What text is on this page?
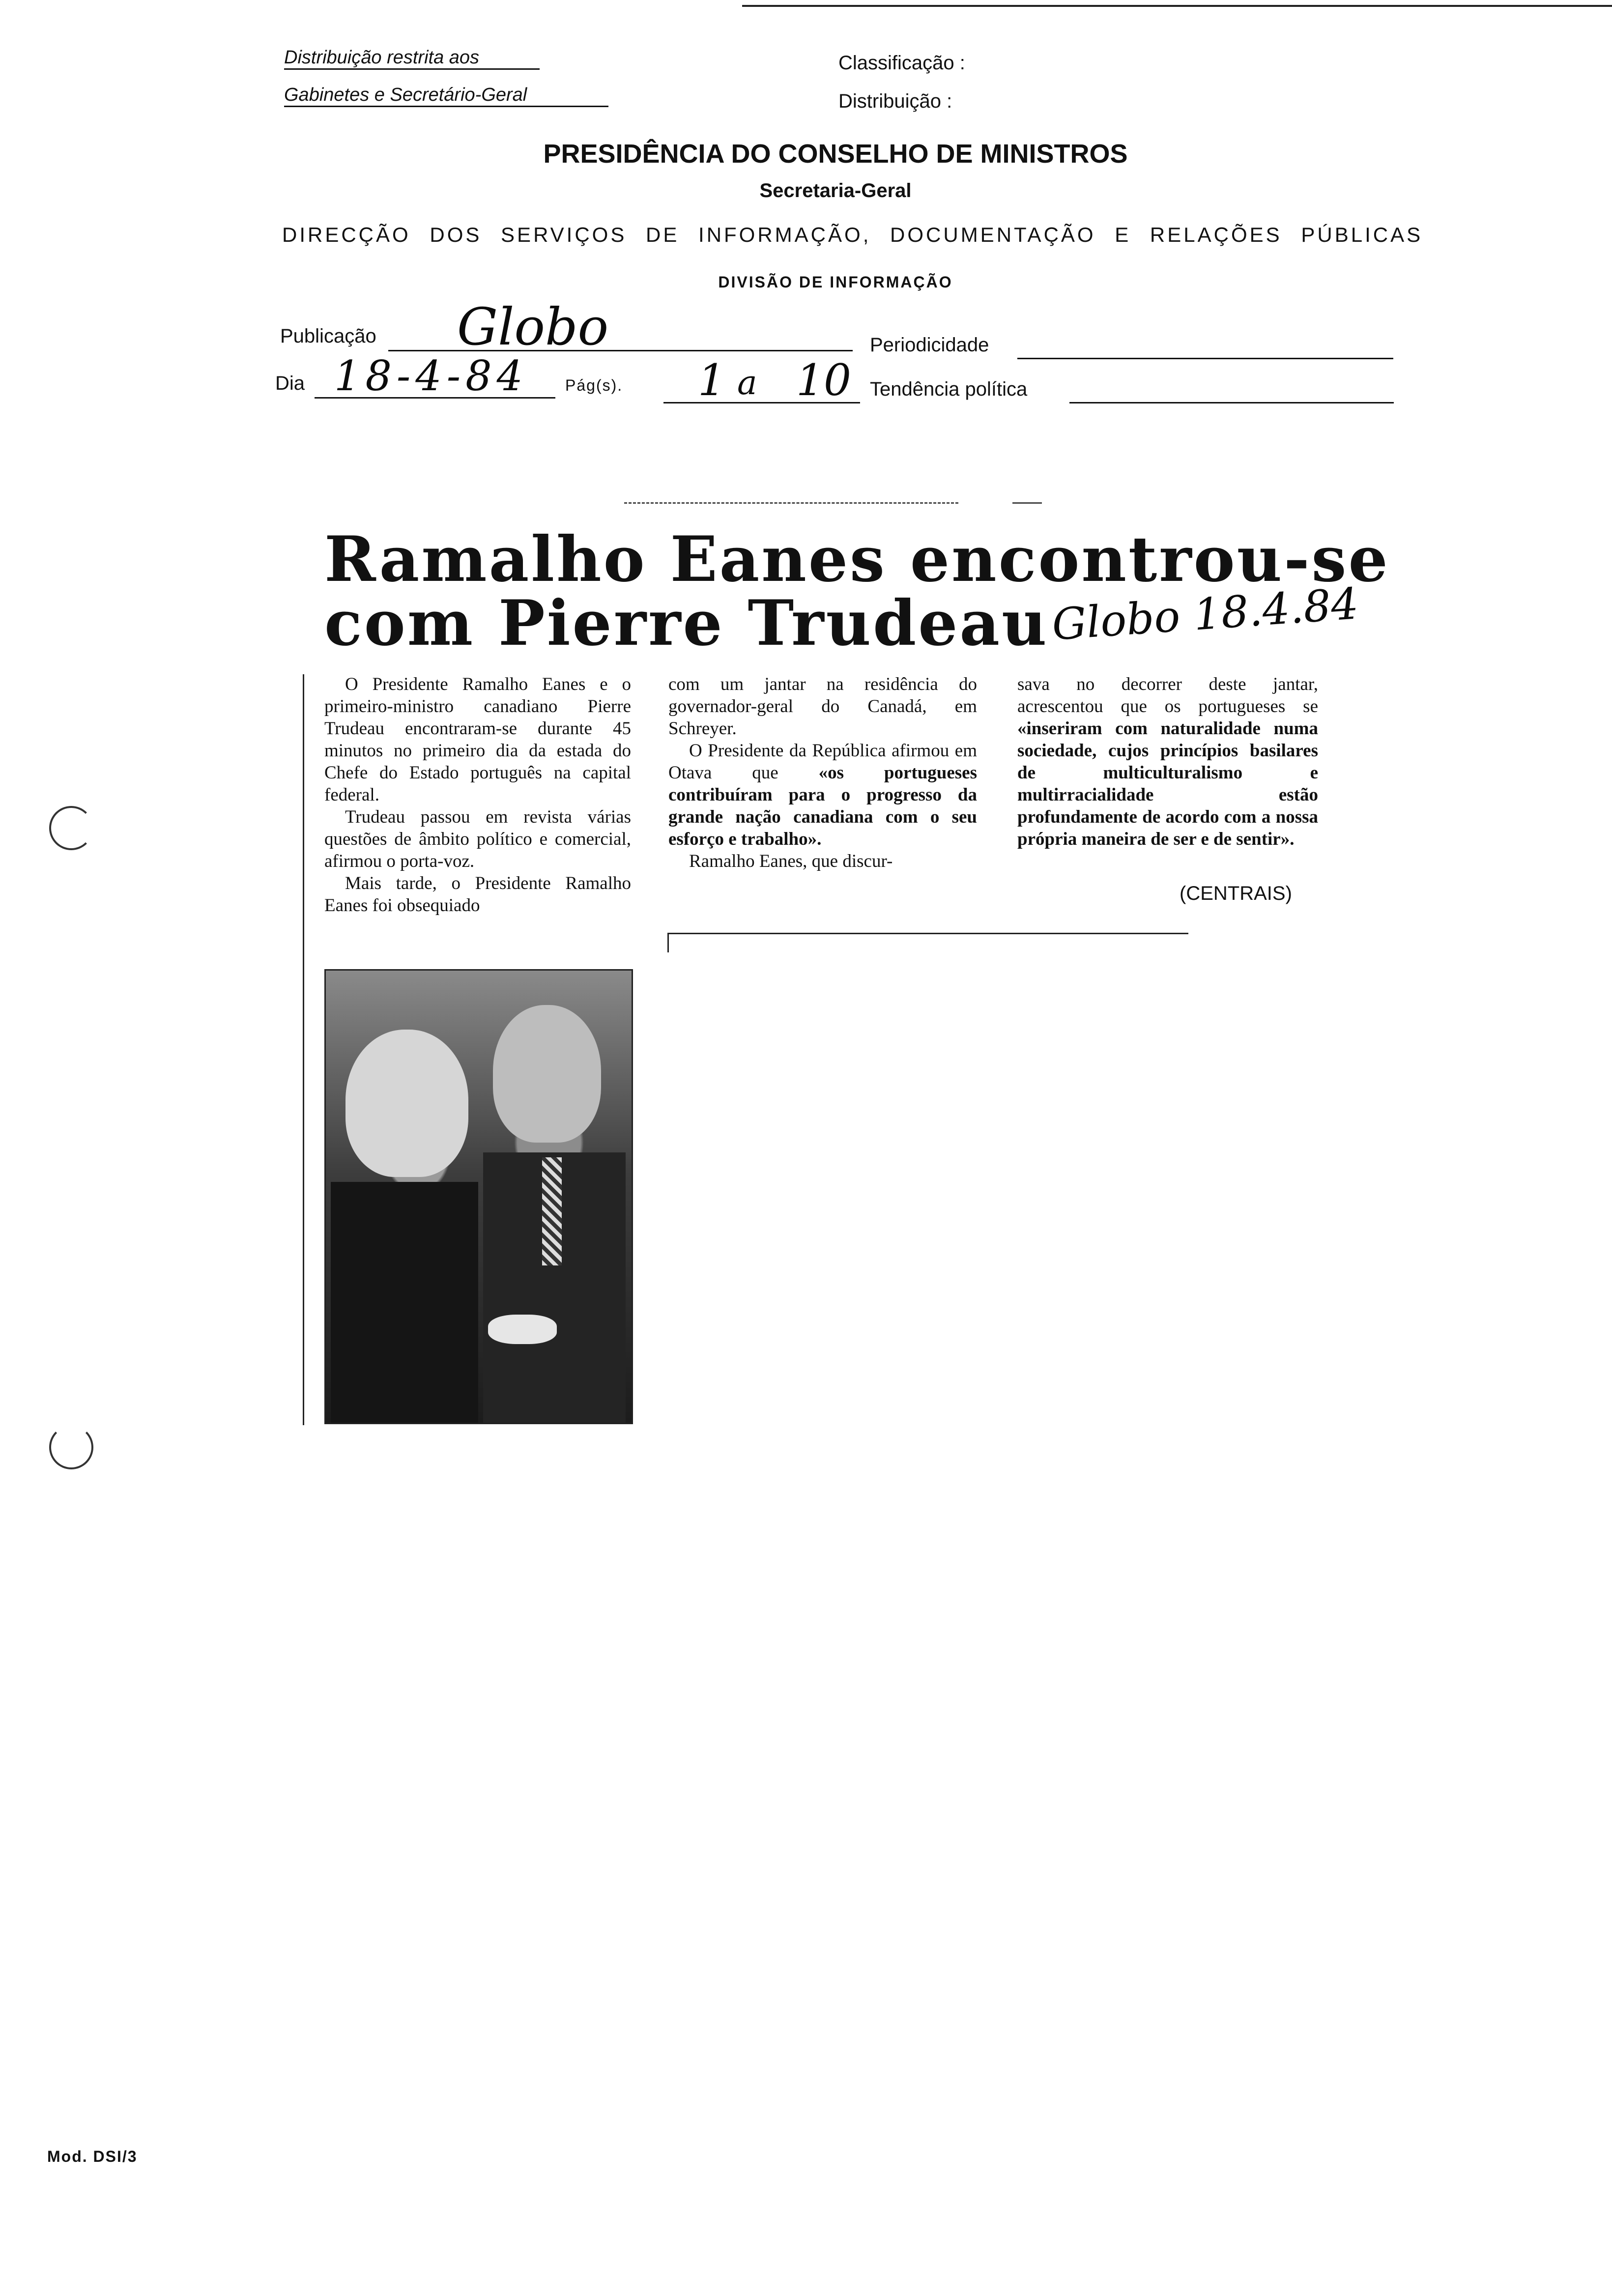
Distribuição restrita aos
Gabinetes e Secretário-Geral
Classificação :
Distribuição :
PRESIDÊNCIA DO CONSELHO DE MINISTROS
Secretaria-Geral
DIRECÇÃO DOS SERVIÇOS DE INFORMAÇÃO, DOCUMENTAÇÃO E RELAÇÕES PÚBLICAS
DIVISÃO DE INFORMAÇÃO
Publicação Globo	Periodicidade
Dia 18-4-84 Pág(s). 1 a 10 Tendência política
Ramalho Eanes encontrou-se
com Pierre Trudeau Globo 18.4.84

O Presidente Ramalho Eanes e o primeiro-ministro canadiano Pierre Trudeau encontraram-se durante 45 minutos no primeiro dia da estada do Chefe do Estado português na capital federal.

Trudeau passou em revista várias questões de âmbito político e comercial, afirmou o porta-voz.

Mais tarde, o Presidente Ramalho Eanes foi obsequiado

com um jantar na residência do governador-geral do Canadá, em Schreyer.

O Presidente da República afirmou em Otava que «os portugueses contribuíram para o progresso da grande nação canadiana com o seu esforço e trabalho».

Ramalho Eanes, que discur-

sava no decorrer deste jantar, acrescentou que os portugueses se «inseriram com naturalidade numa sociedade, cujos princípios basilares de multiculturalismo e multirracialidade estão profundamente de acordo com a nossa própria maneira de ser e de sentir».

(CENTRAIS)
Mod. DSI/3
